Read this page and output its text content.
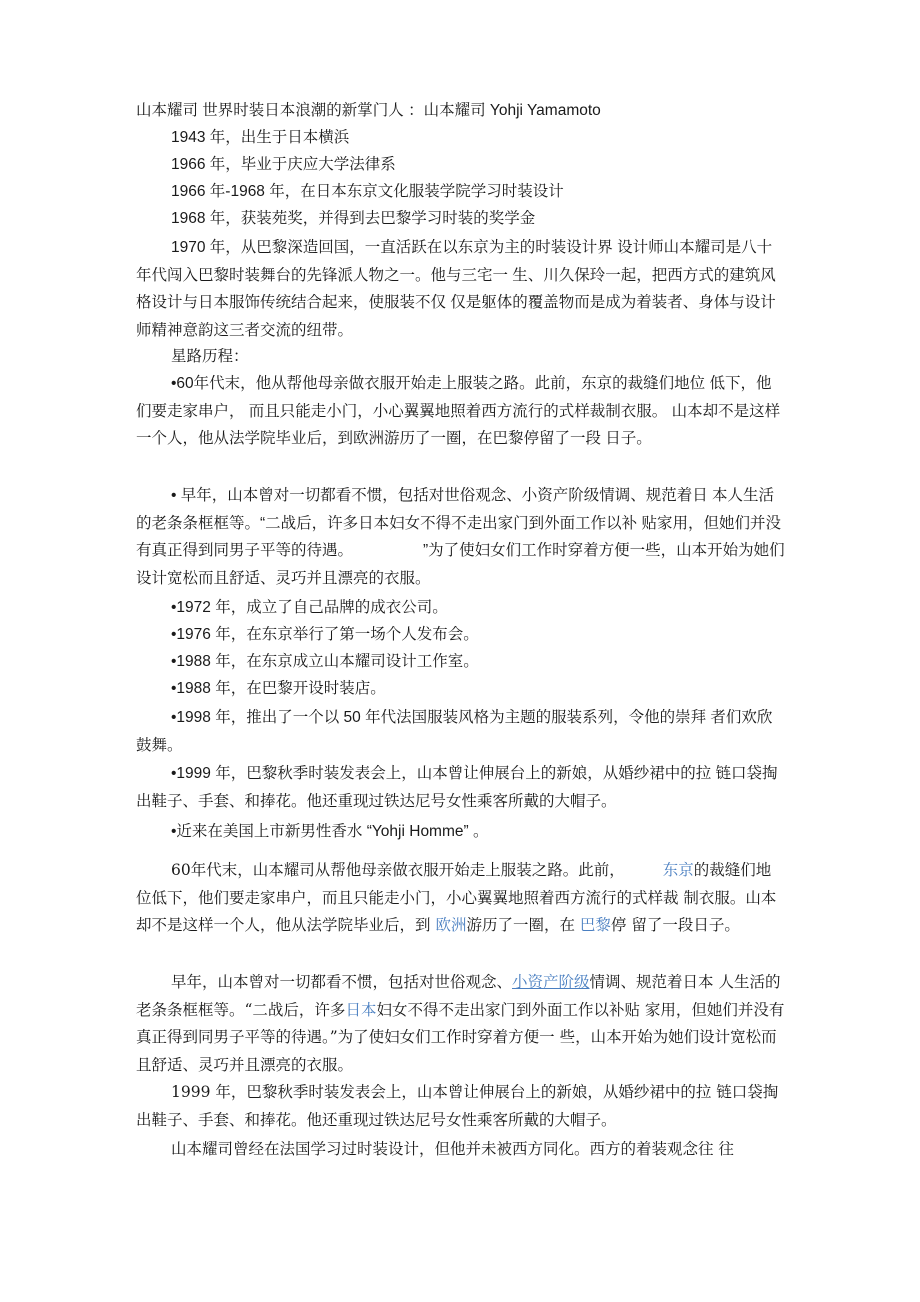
山本耀司 世界时装日本浪潮的新掌门人 ：山本耀司 Yohji Yamamoto

1943 年，出生于日本横浜

1966 年，毕业于庆应大学法律系

1966 年-1968 年，在日本东京文化服装学院学习时装设计

1968 年，获装苑奖，并得到去巴黎学习时装的奖学金

1970 年，从巴黎深造回国，一直活跃在以东京为主的时装设计界 设计师山本耀司是八十年代闯入巴黎时装舞台的先锋派人物之一。他与三宅一 生、川久保玲一起，把西方式的建筑风格设计与日本服饰传统结合起来，使服装不仅 仅是躯体的覆盖物而是成为着装者、身体与设计师精神意韵这三者交流的纽带。

星路历程：

•60年代末，他从帮他母亲做衣服开始走上服装之路。此前，东京的裁缝们地位 低下，他们要走家串户， 而且只能走小门，小心翼翼地照着西方流行的式样裁制衣服。 山本却不是这样一个人，他从法学院毕业后，到欧洲游历了一圈，在巴黎停留了一段 日子。

• 早年，山本曾对一切都看不惯，包括对世俗观念、小资产阶级情调、规范着日 本人生活的老条条框框等。“二战后，许多日本妇女不得不走出家门到外面工作以补 贴家用，但她们并没有真正得到同男子平等的待遇。	”为了使妇女们工作时穿着方便一些，山本开始为她们设计宽松而且舒适、灵巧并且漂亮的衣服。

•1972 年，成立了自己品牌的成衣公司。

•1976 年，在东京举行了第一场个人发布会。

•1988 年，在东京成立山本耀司设计工作室。

•1988 年，在巴黎开设时装店。

•1998 年，推出了一个以 50 年代法国服装风格为主题的服装系列，令他的崇拜 者们欢欣鼓舞。

•1999 年，巴黎秋季时装发表会上，山本曾让伸展台上的新娘，从婚纱裙中的拉 链口袋掏出鞋子、手套、和捧花。他还重现过铁达尼号女性乘客所戴的大帽子。

•近来在美国上市新男性香水 “Yohji Homme” 。

60年代末，山本耀司从帮他母亲做衣服开始走上服装之路。此前， 东京的裁缝们地位低下，他们要走家串户，而且只能走小门，小心翼翼地照着西方流行的式样裁 制衣服。山本却不是这样一个人，他从法学院毕业后，到 欧洲游历了一圈，在 巴黎停 留了一段日子。

早年，山本曾对一切都看不惯，包括对世俗观念、小资产阶级情调、规范着日本 人生活的老条条框框等。“二战后，许多日本妇女不得不走出家门到外面工作以补贴 家用，但她们并没有真正得到同男子平等的待遇。”为了使妇女们工作时穿着方便一 些，山本开始为她们设计宽松而且舒适、灵巧并且漂亮的衣服。

1999 年，巴黎秋季时装发表会上，山本曾让伸展台上的新娘，从婚纱裙中的拉 链口袋掏出鞋子、手套、和捧花。他还重现过铁达尼号女性乘客所戴的大帽子。

山本耀司曾经在法国学习过时装设计，但他并未被西方同化。西方的着装观念往 往
